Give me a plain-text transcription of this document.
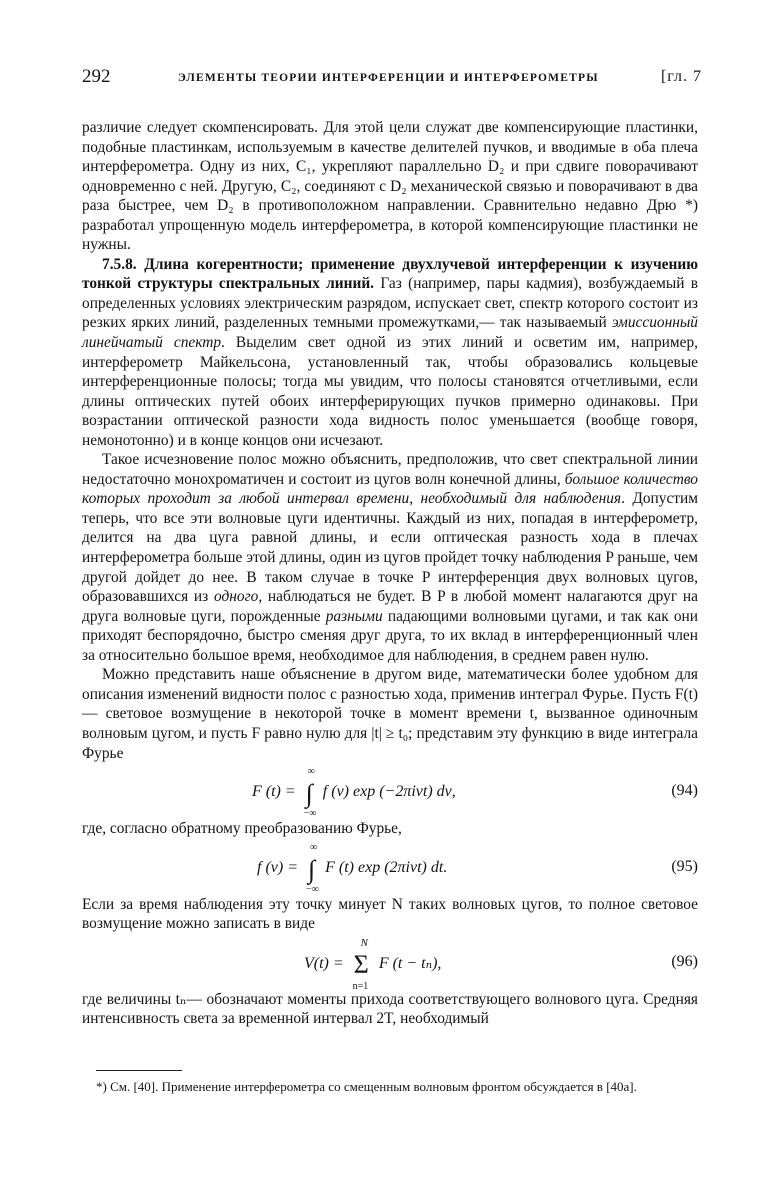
292	ЭЛЕМЕНТЫ ТЕОРИИ ИНТЕРФЕРЕНЦИИ И ИНТЕРФЕРОМЕТРЫ	[гл. 7

различие следует скомпенсировать. Для этой цели служат две компенсирующие пластинки, подобные пластинкам, используемым в качестве делителей пучков, и вводимые в оба плеча интерферометра. Одну из них, C₁, укрепляют параллельно D₂ и при сдвиге поворачивают одновременно с ней. Другую, C₂, соединяют с D₂ механической связью и поворачивают в два раза быстрее, чем D₂ в противоположном направлении. Сравнительно недавно Дрю *) разработал упрощенную модель интерферометра, в которой компенсирующие пластинки не нужны.

7.5.8. Длина когерентности; применение двухлучевой интерференции к изучению тонкой структуры спектральных линий. Газ (например, пары кадмия), возбуждаемый в определенных условиях электрическим разрядом, испускает свет, спектр которого состоит из резких ярких линий, разделенных темными промежутками,— так называемый эмиссионный линейчатый спектр. Выделим свет одной из этих линий и осветим им, например, интерферометр Майкельсона, установленный так, чтобы образовались кольцевые интерференционные полосы; тогда мы увидим, что полосы становятся отчетливыми, если длины оптических путей обоих интерферирующих пучков примерно одинаковы. При возрастании оптической разности хода видность полос уменьшается (вообще говоря, немонотонно) и в конце концов они исчезают.

Такое исчезновение полос можно объяснить, предположив, что свет спектральной линии недостаточно монохроматичен и состоит из цугов волн конечной длины, большое количество которых проходит за любой интервал времени, необходимый для наблюдения. Допустим теперь, что все эти волновые цуги идентичны. Каждый из них, попадая в интерферометр, делится на два цуга равной длины, и если оптическая разность хода в плечах интерферометра больше этой длины, один из цугов пройдет точку наблюдения P раньше, чем другой дойдет до нее. В таком случае в точке P интерференция двух волновых цугов, образовавшихся из одного, наблюдаться не будет. В P в любой момент налагаются друг на друга волновые цуги, порожденные разными падающими волновыми цугами, и так как они приходят беспорядочно, быстро сменяя друг друга, то их вклад в интерференционный член за относительно большое время, необходимое для наблюдения, в среднем равен нулю.

Можно представить наше объяснение в другом виде, математически более удобном для описания изменений видности полос с разностью хода, применив интеграл Фурье. Пусть F(t) — световое возмущение в некоторой точке в момент времени t, вызванное одиночным волновым цугом, и пусть F равно нулю для |t| ≥ t₀; представим эту функцию в виде интеграла Фурье

F (t) = ∫
∞
−∞
f (ν) exp (−2πiνt) dν,	(94)

где, согласно обратному преобразованию Фурье,

f (ν) = ∫
∞
−∞
F (t) exp (2πiνt) dt.	(95)

Если за время наблюдения эту точку минует N таких волновых цугов, то полное световое возмущение можно записать в виде

V(t) = Σ
N
n=1
F (t − tₙ),	(96)

где величины tₙ— обозначают моменты прихода соответствующего волнового цуга. Средняя интенсивность света за временной интервал 2T, необходимый

*) См. [40]. Применение интерферометра со смещенным волновым фронтом обсуждается в [40а].
